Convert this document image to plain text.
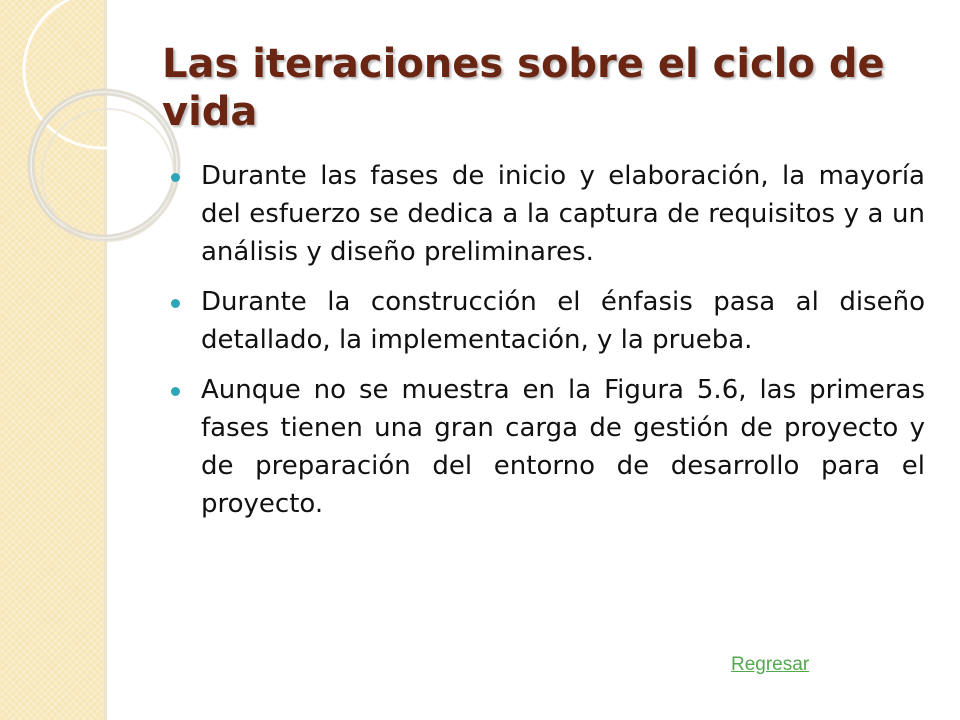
Las iteraciones sobre el ciclo de vida
Durante las fases de inicio y elaboración, la mayoría del esfuerzo se dedica a la captura de requisitos y a un análisis y diseño preliminares.
Durante la construcción el énfasis pasa al diseño detallado, la implementación, y la prueba.
Aunque no se muestra en la Figura 5.6, las primeras fases tienen una gran carga de gestión de proyecto y de preparación del entorno de desarrollo para el proyecto.
Regresar
